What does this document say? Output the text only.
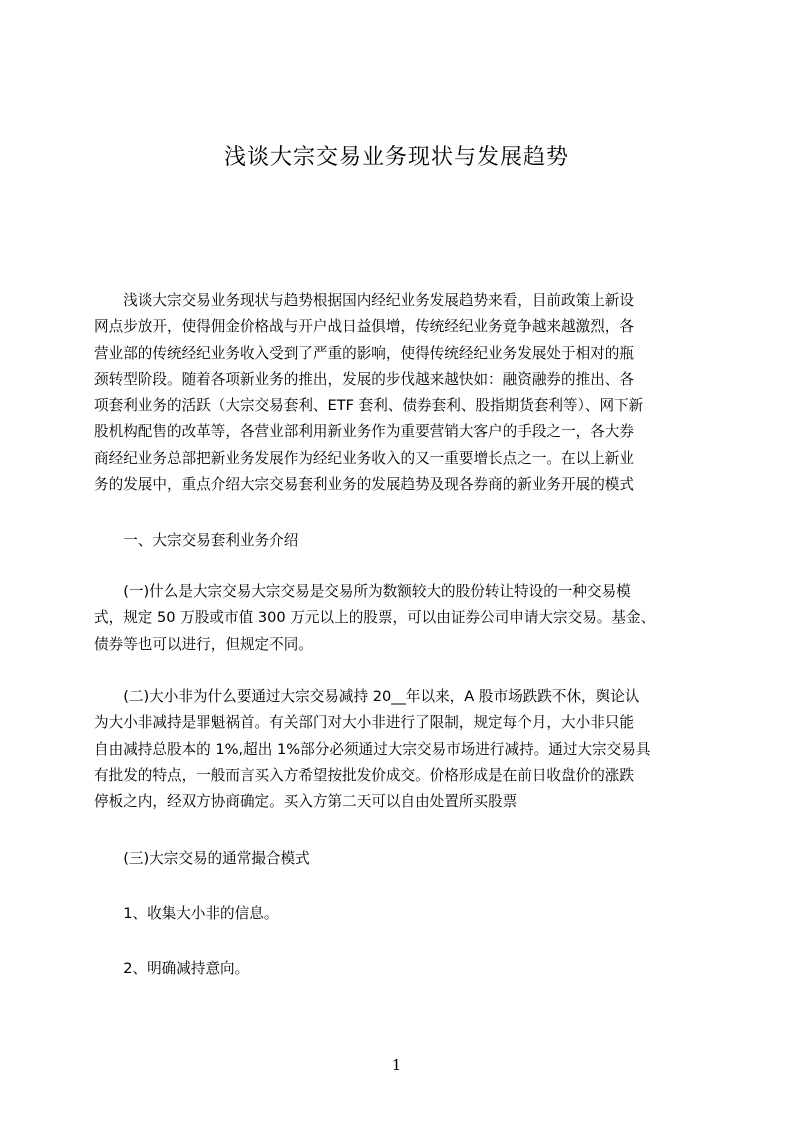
浅谈大宗交易业务现状与发展趋势

　　浅谈大宗交易业务现状与趋势根据国内经纪业务发展趋势来看，目前政策上新设
网点步放开，使得佣金价格战与开户战日益俱增，传统经纪业务竟争越来越激烈，各
营业部的传统经纪业务收入受到了严重的影响，使得传统经纪业务发展处于相对的瓶
颈转型阶段。随着各项新业务的推出，发展的步伐越来越快如：融资融券的推出、各
项套利业务的活跃（大宗交易套利、ETF 套利、债券套利、股指期货套利等）、网下新
股机构配售的改革等，各营业部利用新业务作为重要营销大客户的手段之一，各大券
商经纪业务总部把新业务发展作为经纪业务收入的又一重要增长点之一。在以上新业
务的发展中，重点介绍大宗交易套利业务的发展趋势及现各券商的新业务开展的模式

　　一、大宗交易套利业务介绍

　　(一)什么是大宗交易大宗交易是交易所为数额较大的股份转让特设的一种交易模
式，规定 50 万股或市值 300 万元以上的股票，可以由证券公司申请大宗交易。基金、
债券等也可以进行，但规定不同。

　　(二)大小非为什么要通过大宗交易减持 20__年以来，A 股市场跌跌不休，舆论认
为大小非减持是罪魁祸首。有关部门对大小非进行了限制，规定每个月，大小非只能
自由减持总股本的 1%,超出 1%部分必须通过大宗交易市场进行减持。通过大宗交易具
有批发的特点，一般而言买入方希望按批发价成交。价格形成是在前日收盘价的涨跌
停板之内，经双方协商确定。买入方第二天可以自由处置所买股票

　　(三)大宗交易的通常撮合模式

　　1、收集大小非的信息。

　　2、明确减持意向。

1
